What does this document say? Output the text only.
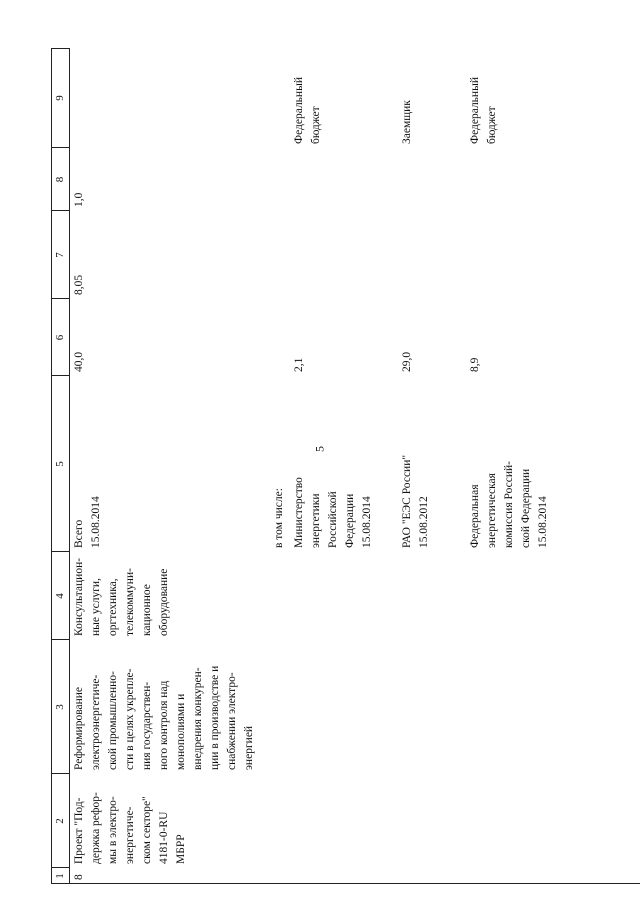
5
1
2
3
4
5
6
7
8
9
8
Проект "Под-
держка рефор-
мы в электро-
энергетиче-
ском секторе"
4181-0-RU
МБРР
Реформирование
электроэнергетиче-
ской промышленно-
сти в целях укрепле-
ния государствен-
ного контроля над
монополиями и
внедрения конкурен-
ции в производстве и
снабжении электро-
энергией
Консультацион-
ные услуги,
оргтехника,
телекоммуни-
кационное
оборудование
Всего
15.08.2014
40,0
8,05
1,0
в том числе: Министерство
энергетики
Российской
Федерации
15.08.2014
2,1
Федеральный
бюджет
РАО "ЕЭС России"
15.08.2012
29,0
Заемщик
Федеральная
энергетическая
комиссия Россий-
ской Федерации
15.08.2014
8,9
Федеральный
бюджет
